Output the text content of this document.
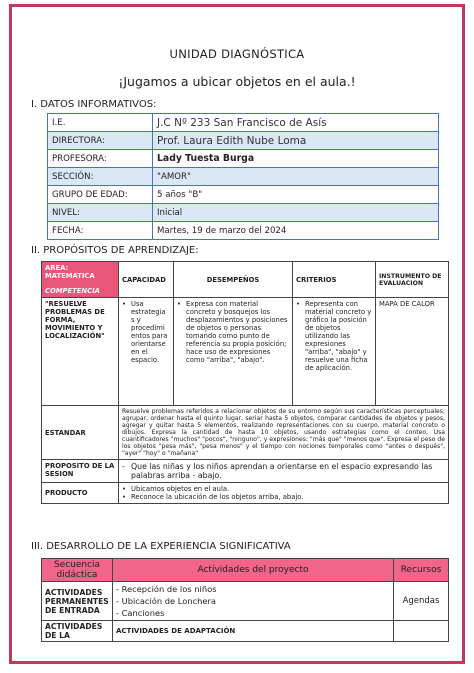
UNIDAD DIAGNÓSTICA
¡Jugamos a ubicar objetos en el aula.!
I. DATOS INFORMATIVOS:
I.E.	J.C Nº 233 San Francisco de Asís
DIRECTORA:	Prof. Laura Edith Nube Loma
PROFESORA:	Lady Tuesta Burga
SECCIÓN:	"AMOR"
GRUPO DE EDAD:	5 años "B"
NIVEL:	Inicial
FECHA:	Martes, 19 de marzo del 2024
II. PROPÓSITOS DE APRENDIZAJE:
AREA: MATEMATICA
COMPETENCIA	CAPACIDAD	DESEMPEÑOS	CRITERIOS	INSTRUMENTO DE EVALUACION
"RESUELVE PROBLEMAS DE FORMA, MOVIMIENTO Y LOCALIZACIÓN"	• Usa estrategia s y procedimi entos para orientarse en el espacio.	• Expresa con material concreto y bosquejos los desplazamientos y posiciones de objetos o personas tomando como punto de referencia su propia posición; hace uso de expresiones como "arriba", "abajo".	• Representa con material concreto y gráfico la posición de objetos utilizando las expresiones "arriba", "abajo" y resuelve una ficha de aplicación.	MAPA DE CALOR
ESTANDAR	Resuelve problemas referidos a relacionar objetos de su entorno según sus características perceptuales; agrupar, ordenar hasta el quinto lugar, seriar hasta 5 objetos, comparar cantidades de objetos y pesos, agregar y quitar hasta 5 elementos, realizando representaciones con su cuerpo, material concreto o dibujos. Expresa la cantidad de hasta 10 objetos, usando estrategias como el conteo. Usa cuantificadores "muchos" "pocos", "ninguno", y expresiones: "más que" "menos que". Expresa el peso de los objetos "pesa más", "pesa menos" y el tiempo con nociones temporales como "antes o después", "ayer" "hoy" o "mañana"			
PROPOSITO DE LA SESION	- Que las niñas y los niños aprendan a orientarse en el espacio expresando las palabras arriba - abajo.			

PRODUCTO	• Ubicamos objetos en el aula.
• Reconoce la ubicación de los objetos arriba, abajo.			
III. DESARROLLO DE LA EXPERIENCIA SIGNIFICATIVA
Secuencia didáctica	Actividades del proyecto	Recursos
ACTIVIDADES PERMANENTES DE ENTRADA	- Recepción de los niños
- Ubicación de Lonchera
- Canciones	Agendas
ACTIVIDADES DE LA	ACTIVIDADES DE ADAPTACIÓN	
